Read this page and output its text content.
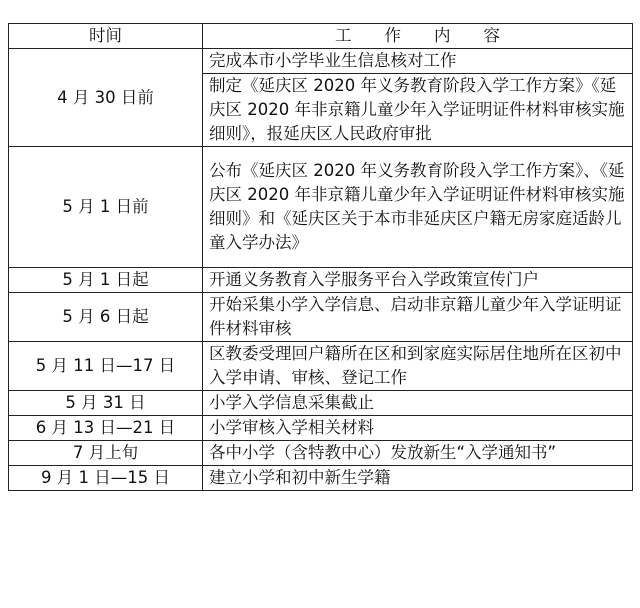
时间	工　　作　　内　　容
4 月 30 日前	完成本市小学毕业生信息核对工作
	制定《延庆区 2020 年义务教育阶段入学工作方案》《延庆区 2020 年非京籍儿童少年入学证明证件材料审核实施细则》，报延庆区人民政府审批
5 月 1 日前	公布《延庆区 2020 年义务教育阶段入学工作方案》、《延庆区 2020 年非京籍儿童少年入学证明证件材料审核实施细则》和《延庆区关于本市非延庆区户籍无房家庭适龄儿童入学办法》
5 月 1 日起	开通义务教育入学服务平台入学政策宣传门户
5 月 6 日起	开始采集小学入学信息、启动非京籍儿童少年入学证明证件材料审核
5 月 11 日—17 日	区教委受理回户籍所在区和到家庭实际居住地所在区初中入学申请、审核、登记工作
5 月 31 日	小学入学信息采集截止
6 月 13 日—21 日	小学审核入学相关材料
7 月上旬	各中小学（含特教中心）发放新生“入学通知书”
9 月 1 日—15 日	建立小学和初中新生学籍
